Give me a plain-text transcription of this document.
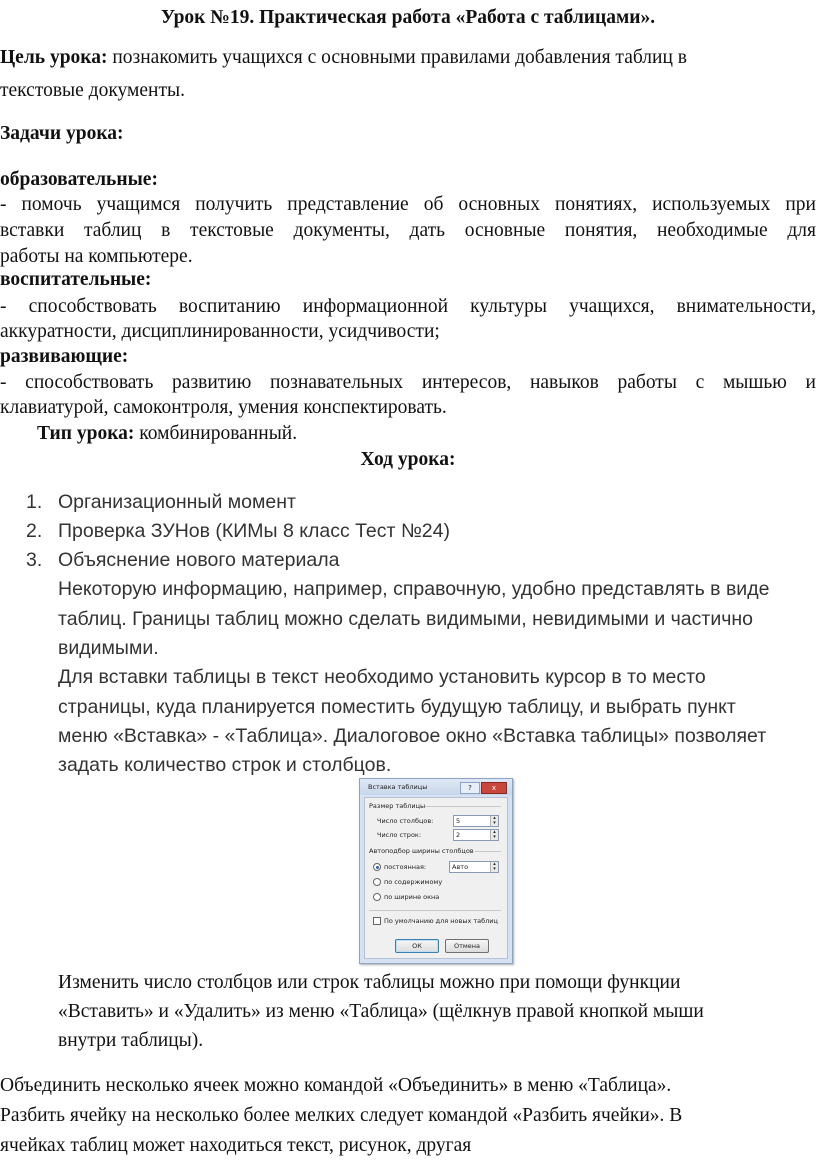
Урок №19. Практическая работа «Работа с таблицами».
Цель урока: познакомить учащихся с основными правилами добавления таблиц в
текстовые документы.
Задачи урока:
образовательные:
- помочь учащимся получить представление об основных понятиях, используемых при
вставки таблиц в текстовые документы, дать основные понятия, необходимые для
работы на компьютере.
воспитательные:
- способствовать воспитанию информационной культуры учащихся, внимательности,
аккуратности, дисциплинированности, усидчивости;
развивающие:
- способствовать развитию познавательных интересов, навыков работы с мышью и
клавиатурой, самоконтроля, умения конспектировать.
Тип урока: комбинированный.
Ход урока:
1. Организационный момент
2. Проверка ЗУНов (КИМы 8 класс Тест №24)
3. Объяснение нового материала
Некоторую информацию, например, справочную, удобно представлять в виде
таблиц. Границы таблиц можно сделать видимыми, невидимыми и частично
видимыми.
Для вставки таблицы в текст необходимо установить курсор в то место
страницы, куда планируется поместить будущую таблицу, и выбрать пункт
меню «Вставка» - «Таблица». Диалоговое окно «Вставка таблицы» позволяет
задать количество строк и столбцов.
Вставка таблицы	?	x
Размер таблицы
Число столбцов:	5	▴
▾
Число строк:	2	▴
▾
Автоподбор ширины столбцов
постоянная:	Авто	▴
▾
по содержимому
по ширине окна
По умолчанию для новых таблиц
ОК	Отмена
Изменить число столбцов или строк таблицы можно при помощи функции
«Вставить» и «Удалить» из меню «Таблица» (щёлкнув правой кнопкой мыши
внутри таблицы).
Объединить несколько ячеек можно командой «Объединить» в меню «Таблица».
Разбить ячейку на несколько более мелких следует командой «Разбить ячейки». В
ячейках таблиц может находиться текст, рисунок, другая
